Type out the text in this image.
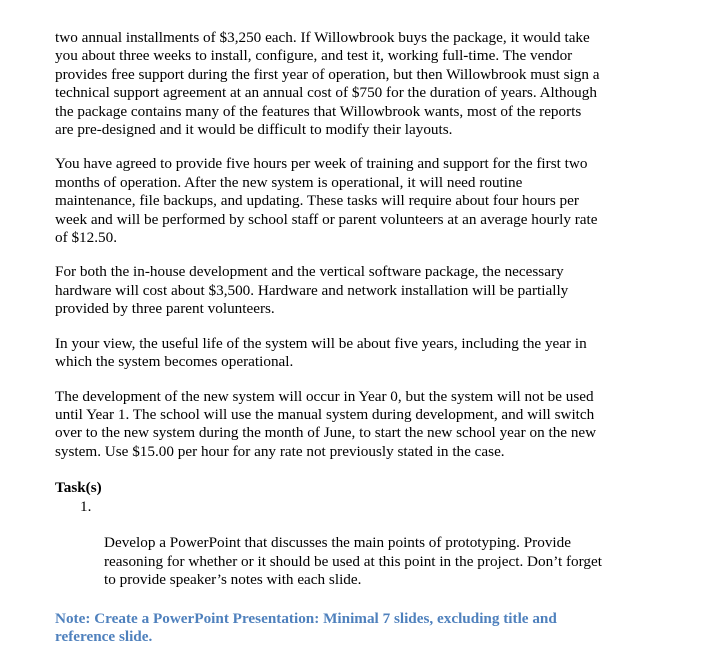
two annual installments of $3,250 each. If Willowbrook buys the package, it would take
you about three weeks to install, configure, and test it, working full-time. The vendor
provides free support during the first year of operation, but then Willowbrook must sign a
technical support agreement at an annual cost of $750 for the duration of years. Although
the package contains many of the features that Willowbrook wants, most of the reports
are pre-designed and it would be difficult to modify their layouts.

You have agreed to provide five hours per week of training and support for the first two
months of operation. After the new system is operational, it will need routine
maintenance, file backups, and updating. These tasks will require about four hours per
week and will be performed by school staff or parent volunteers at an average hourly rate
of $12.50.

For both the in-house development and the vertical software package, the necessary
hardware will cost about $3,500. Hardware and network installation will be partially
provided by three parent volunteers.

In your view, the useful life of the system will be about five years, including the year in
which the system becomes operational.

The development of the new system will occur in Year 0, but the system will not be used
until Year 1. The school will use the manual system during development, and will switch
over to the new system during the month of June, to start the new school year on the new
system. Use $15.00 per hour for any rate not previously stated in the case.

Task(s)

1.

Develop a PowerPoint that discusses the main points of prototyping. Provide
reasoning for whether or it should be used at this point in the project. Don’t forget
to provide speaker’s notes with each slide.

Note: Create a PowerPoint Presentation: Minimal 7 slides, excluding title and
reference slide.
